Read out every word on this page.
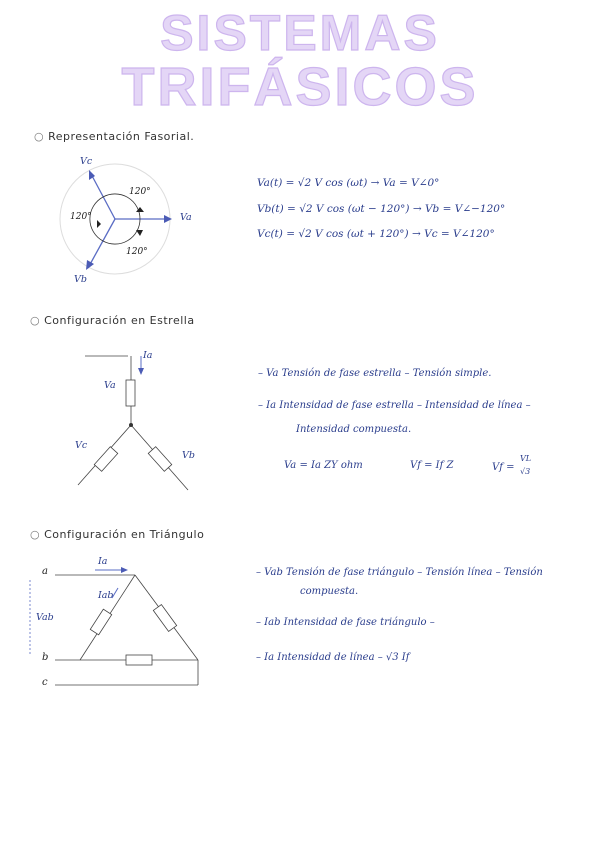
SISTEMAS
TRIFÁSICOS
○ Representación Fasorial.
Vc
Va
Vb
120°
120°
120°
Va(t) = √2 V cos (ωt) → Va = V∠0°
Vb(t) = √2 V cos (ωt − 120°) → Vb = V∠−120°
Vc(t) = √2 V cos (ωt + 120°) → Vc = V∠120°
○ Configuración en Estrella
Ia
Va
Vc
Vb
– Va Tensión de fase estrella – Tensión simple.
– Ia Intensidad de fase estrella – Intensidad de línea –
Intensidad compuesta.
Va = Ia ZY ohm	Vf = If Z	Vf =
VL
√3
○ Configuración en Triángulo
a
b
c
Ia
Iab
Vab
– Vab Tensión de fase triángulo – Tensión línea – Tensión
compuesta.
– Iab Intensidad de fase triángulo –
– Ia Intensidad de línea – √3 If
